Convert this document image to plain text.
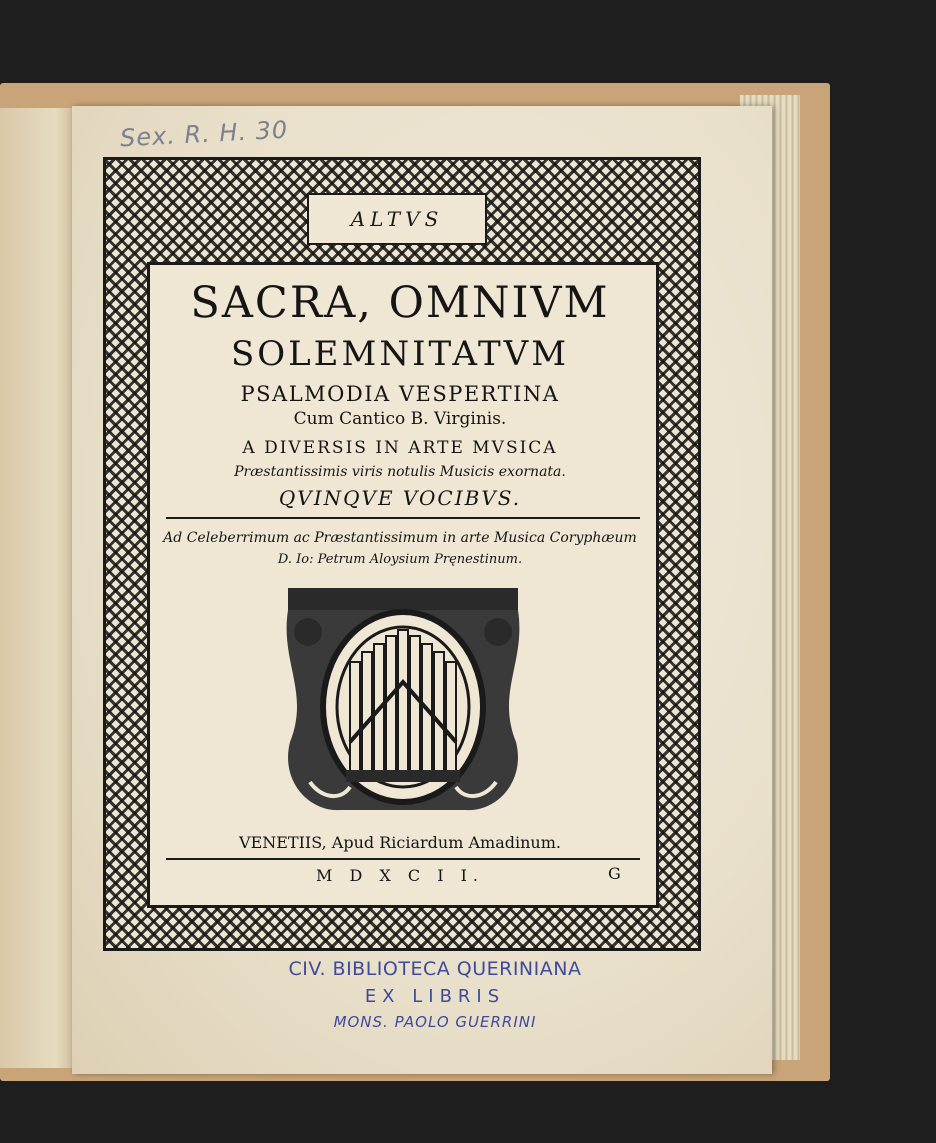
Sex. R. H. 30
ALTVS
SACRA, OMNIVM
SOLEMNITATVM
PSALMODIA VESPERTINA
Cum Cantico B. Virginis.
A DIVERSIS IN ARTE MVSICA
Præstantissimis viris notulis Musicis exornata.
QVINQVE VOCIBVS.
Ad Celeberrimum ac Præstantissimum in arte Musica Coryphæum
D. Io: Petrum Aloysium Pręnestinum.
VENETIIS, Apud Riciardum Amadinum.
M D X C I I.	G
CIV. BIBLIOTECA QUERINIANA
EX LIBRIS
MONS. PAOLO GUERRINI
